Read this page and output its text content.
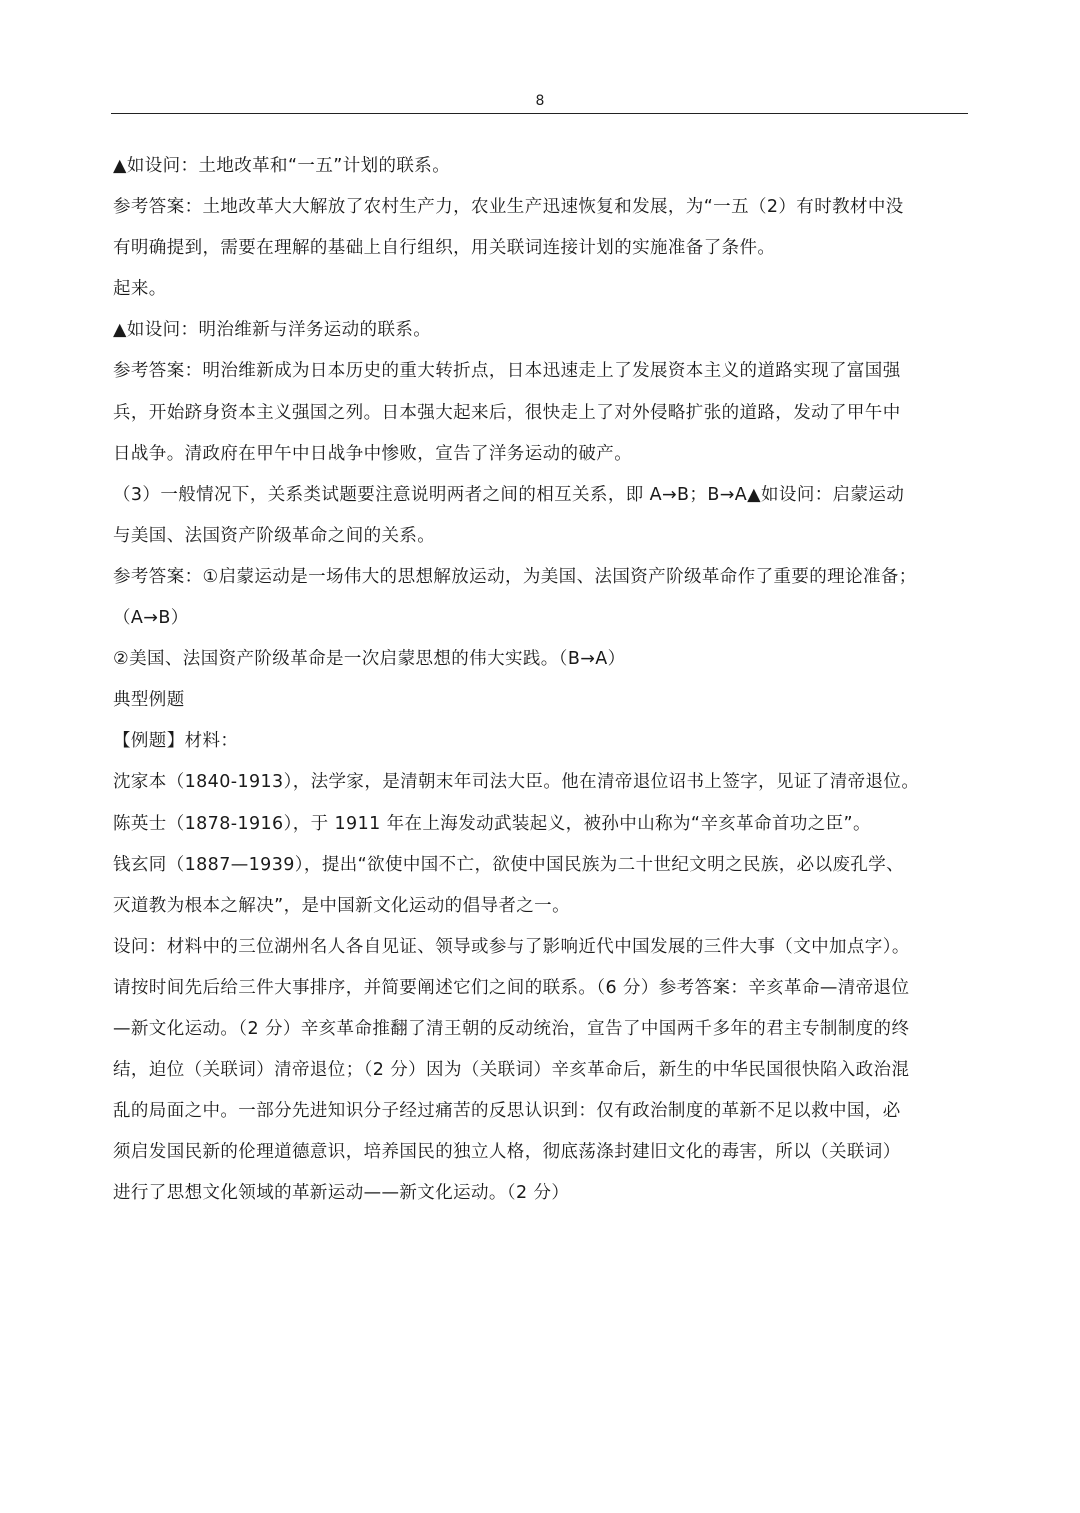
8
▲如设问：土地改革和“一五”计划的联系。
参考答案：土地改革大大解放了农村生产力，农业生产迅速恢复和发展，为“一五（2）有时教材中没
有明确提到，需要在理解的基础上自行组织，用关联词连接计划的实施准备了条件。
起来。
▲如设问：明治维新与洋务运动的联系。
参考答案：明治维新成为日本历史的重大转折点，日本迅速走上了发展资本主义的道路实现了富国强
兵，开始跻身资本主义强国之列。日本强大起来后，很快走上了对外侵略扩张的道路，发动了甲午中
日战争。清政府在甲午中日战争中惨败，宣告了洋务运动的破产。
（3）一般情况下，关系类试题要注意说明两者之间的相互关系，即 A→B；B→A▲如设问：启蒙运动
与美国、法国资产阶级革命之间的关系。
参考答案：①启蒙运动是一场伟大的思想解放运动，为美国、法国资产阶级革命作了重要的理论准备；
（A→B）
②美国、法国资产阶级革命是一次启蒙思想的伟大实践。（B→A）
典型例题
【例题】材料：
沈家本（1840-1913），法学家，是清朝末年司法大臣。他在清帝退位诏书上签字，见证了清帝退位。
陈英士（1878-1916），于 1911 年在上海发动武装起义，被孙中山称为“辛亥革命首功之臣”。
钱玄同（1887—1939），提出“欲使中国不亡，欲使中国民族为二十世纪文明之民族，必以废孔学、
灭道教为根本之解决”，是中国新文化运动的倡导者之一。
设问：材料中的三位湖州名人各自见证、领导或参与了影响近代中国发展的三件大事（文中加点字）。
请按时间先后给三件大事排序，并简要阐述它们之间的联系。（6 分）参考答案：辛亥革命—清帝退位
—新文化运动。（2 分）辛亥革命推翻了清王朝的反动统治，宣告了中国两千多年的君主专制制度的终
结，迫位（关联词）清帝退位；（2 分）因为（关联词）辛亥革命后，新生的中华民国很快陷入政治混
乱的局面之中。一部分先进知识分子经过痛苦的反思认识到：仅有政治制度的革新不足以救中国，必
须启发国民新的伦理道德意识，培养国民的独立人格，彻底荡涤封建旧文化的毒害，所以（关联词）
进行了思想文化领域的革新运动——新文化运动。（2 分）
